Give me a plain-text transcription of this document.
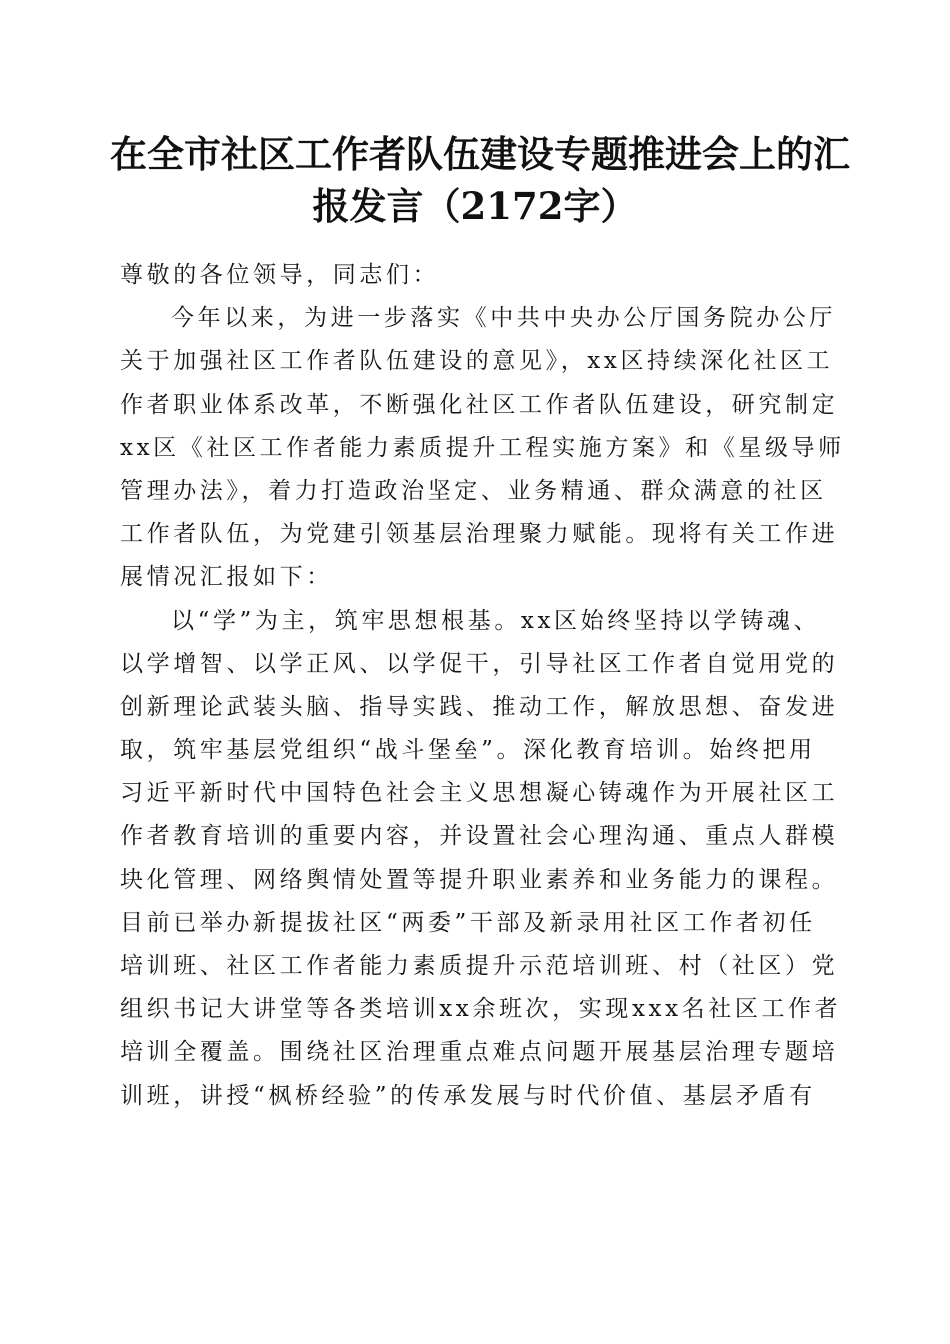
在全市社区工作者队伍建设专题推进会上的汇
报发言（2172字）
尊敬的各位领导，同志们：
今年以来，为进一步落实《中共中央办公厅国务院办公厅
关于加强社区工作者队伍建设的意见》，xx区持续深化社区工
作者职业体系改革，不断强化社区工作者队伍建设，研究制定
xx区《社区工作者能力素质提升工程实施方案》和《星级导师
管理办法》，着力打造政治坚定、业务精通、群众满意的社区
工作者队伍，为党建引领基层治理聚力赋能。现将有关工作进
展情况汇报如下：
以“学”为主，筑牢思想根基。xx区始终坚持以学铸魂、
以学增智、以学正风、以学促干，引导社区工作者自觉用党的
创新理论武装头脑、指导实践、推动工作，解放思想、奋发进
取，筑牢基层党组织“战斗堡垒”。深化教育培训。始终把用
习近平新时代中国特色社会主义思想凝心铸魂作为开展社区工
作者教育培训的重要内容，并设置社会心理沟通、重点人群模
块化管理、网络舆情处置等提升职业素养和业务能力的课程。
目前已举办新提拔社区“两委”干部及新录用社区工作者初任
培训班、社区工作者能力素质提升示范培训班、村（社区）党
组织书记大讲堂等各类培训xx余班次，实现xxx名社区工作者
培训全覆盖。围绕社区治理重点难点问题开展基层治理专题培
训班，讲授“枫桥经验”的传承发展与时代价值、基层矛盾有
